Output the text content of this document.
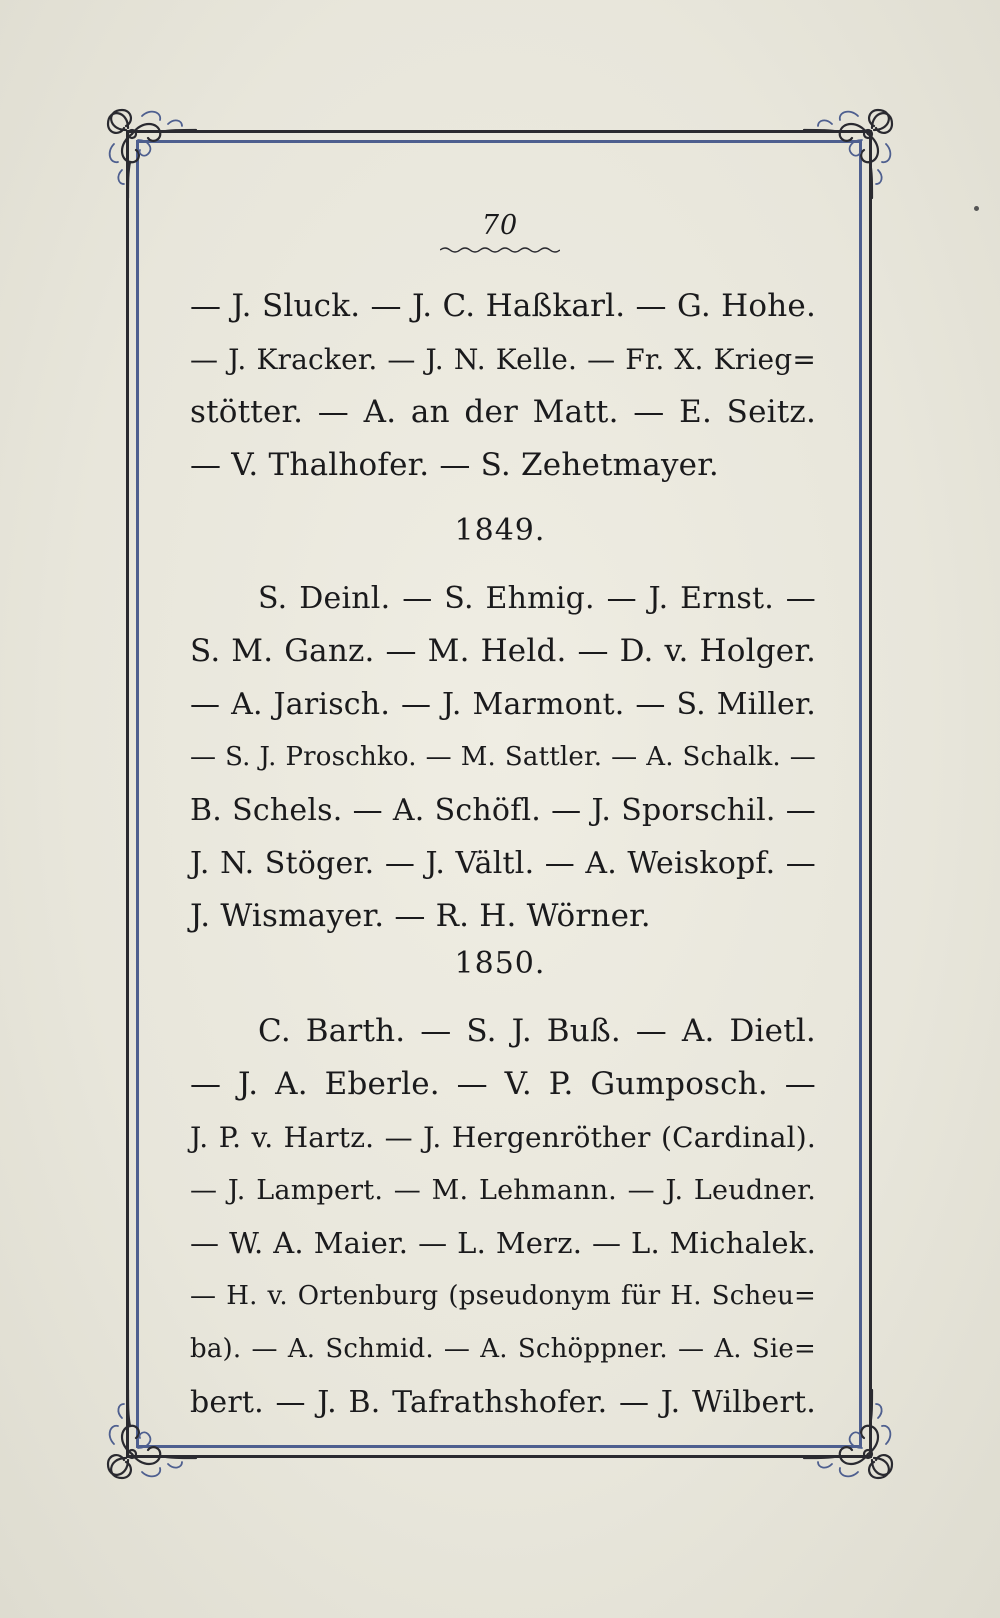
70
— J. Sluck. — J. C. Haßkarl. — G. Hohe.
— J. Kracker. — J. N. Kelle. — Fr. X. Krieg=
stötter. — A. an der Matt. — E. Seitz.
— V. Thalhofer. — S. Zehetmayer.
1849.
S. Deinl. — S. Ehmig. — J. Ernst. —
S. M. Ganz. — M. Held. — D. v. Holger.
— A. Jarisch. — J. Marmont. — S. Miller.
— S. J. Proschko. — M. Sattler. — A. Schalk. —
B. Schels. — A. Schöfl. — J. Sporschil. —
J. N. Stöger. — J. Vältl. — A. Weiskopf. —
J. Wismayer. — R. H. Wörner.
1850.
C. Barth. — S. J. Buß. — A. Dietl.
— J. A. Eberle. — V. P. Gumposch. —
J. P. v. Hartz. — J. Hergenröther (Cardinal).
— J. Lampert. — M. Lehmann. — J. Leudner.
— W. A. Maier. — L. Merz. — L. Michalek.
— H. v. Ortenburg (pseudonym für H. Scheu=
ba). — A. Schmid. — A. Schöppner. — A. Sie=
bert. — J. B. Tafrathshofer. — J. Wilbert.
